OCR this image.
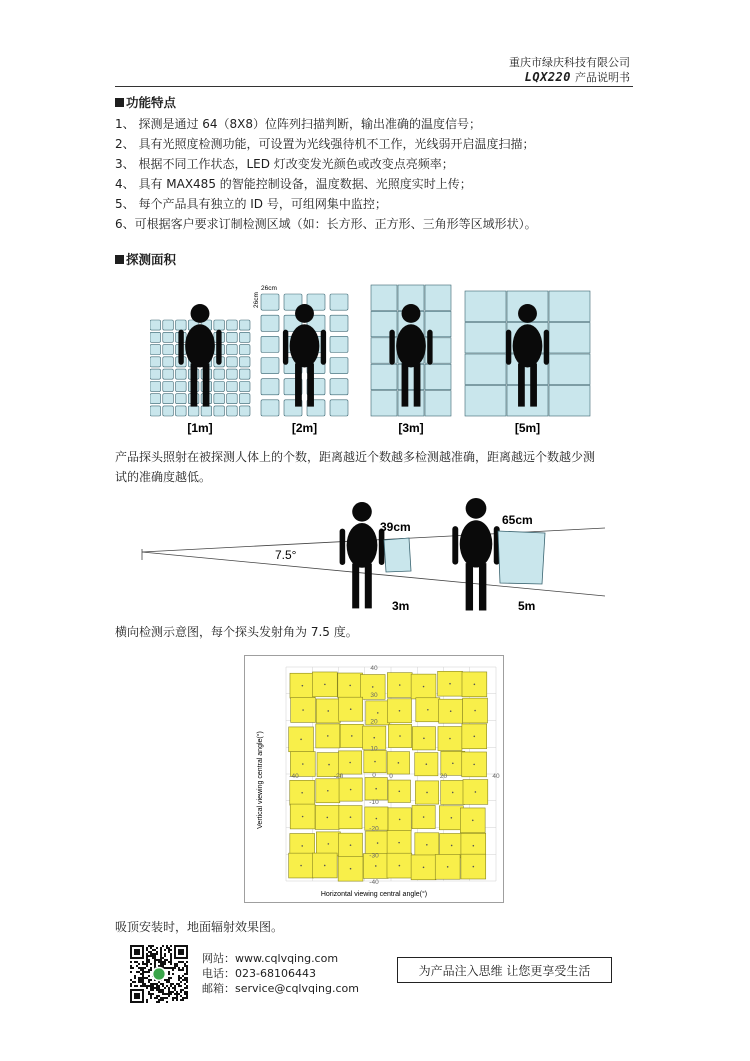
重庆市绿庆科技有限公司
LQX220 产品说明书
功能特点
1、 探测是通过 64（8X8）位阵列扫描判断，输出准确的温度信号；
2、 具有光照度检测功能，可设置为光线强待机不工作，光线弱开启温度扫描；
3、 根据不同工作状态，LED 灯改变发光颜色或改变点亮频率；
4、 具有 MAX485 的智能控制设备，温度数据、光照度实时上传；
5、 每个产品具有独立的 ID 号，可组网集中监控；
6、可根据客户要求订制检测区域（如：长方形、正方形、三角形等区域形状）。
探测面积
[1m]	[2m]
26cm
26cm
[3m]	[5m]
产品探头照射在被探测人体上的个数，距离越近个数越多检测越准确，距离越远个数越少测
试的准确度越低。
7.5°
39cm
3m
65cm
5m
横向检测示意图，每个探头发射角为 7.5 度。
40
30
20
10
0
-10
-20
-30
-40
-40	-20	0	20	40
Vertical viewing central angle(°)
Horizontal viewing central angle(°)
吸顶安装时，地面辐射效果图。
网站： www.cqlvqing.com
电话： 023-68106443
邮箱： service@cqlvqing.com
为产品注入思维 让您更享受生活
